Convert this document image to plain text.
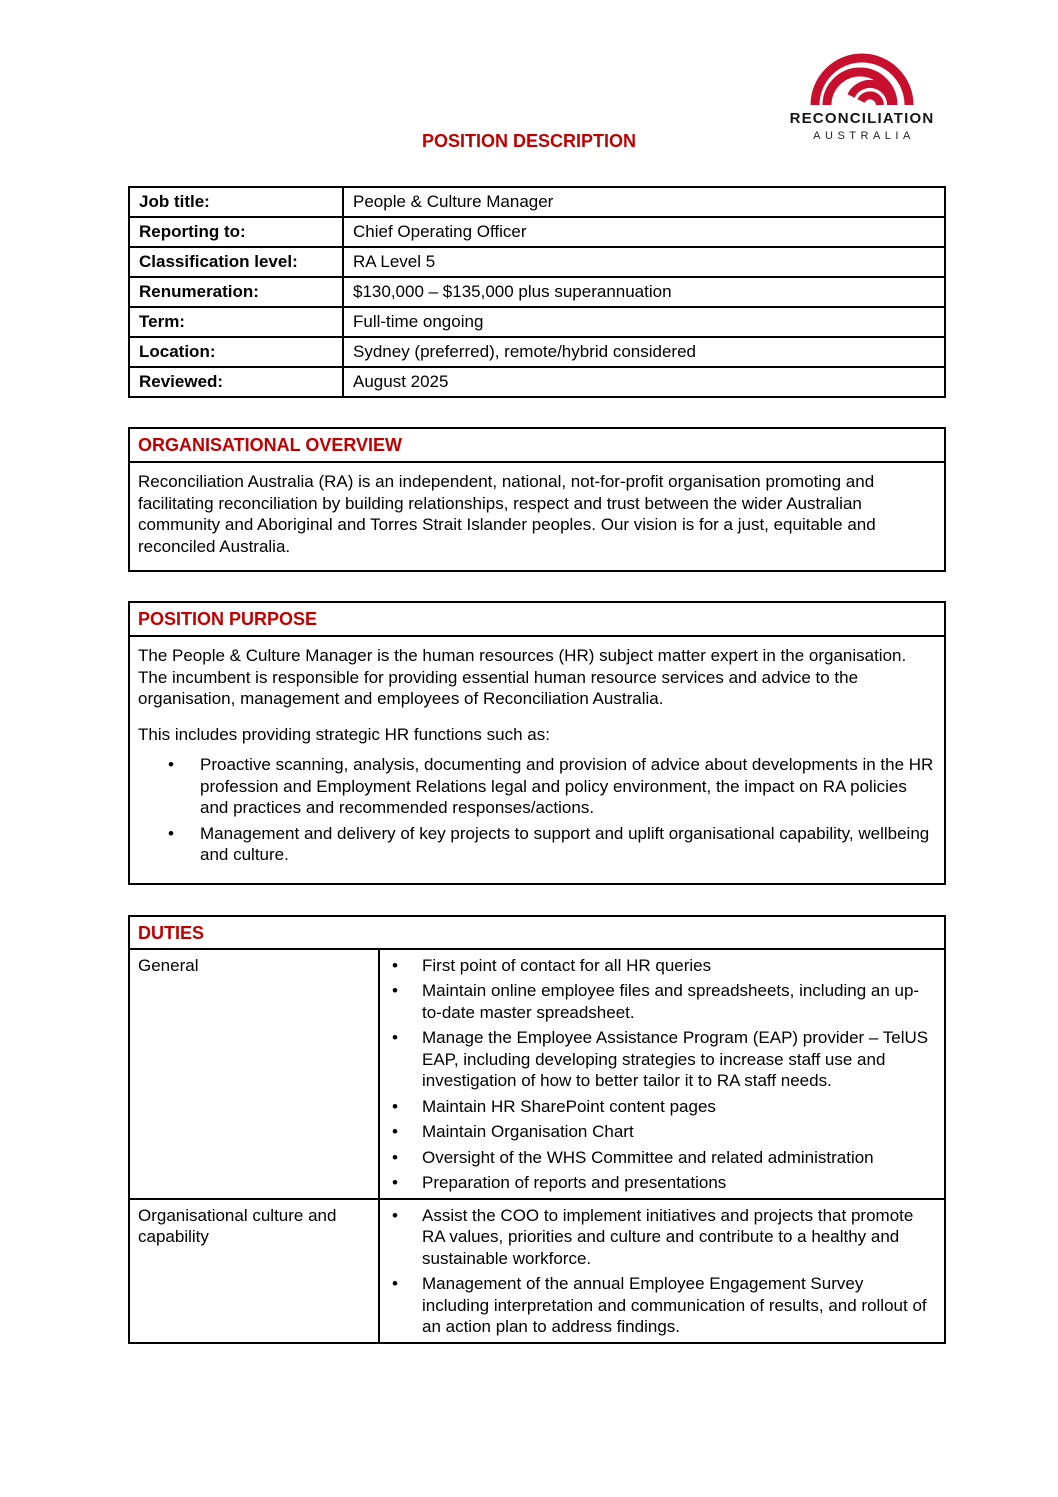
RECONCILIATION
AUSTRALIA
POSITION DESCRIPTION
Job title:	People & Culture Manager
Reporting to:	Chief Operating Officer
Classification level:	RA Level 5
Renumeration:	$130,000 – $135,000 plus superannuation
Term:	Full-time ongoing
Location:	Sydney (preferred), remote/hybrid considered
Reviewed:	August 2025
ORGANISATIONAL OVERVIEW

Reconciliation Australia (RA) is an independent, national, not-for-profit organisation promoting and facilitating reconciliation by building relationships, respect and trust between the wider Australian community and Aboriginal and Torres Strait Islander peoples. Our vision is for a just, equitable and reconciled Australia.

POSITION PURPOSE

The People & Culture Manager is the human resources (HR) subject matter expert in the organisation. The incumbent is responsible for providing essential human resource services and advice to the organisation, management and employees of Reconciliation Australia.

This includes providing strategic HR functions such as:

• Proactive scanning, analysis, documenting and provision of advice about developments in the HR profession and Employment Relations legal and policy environment, the impact on RA policies and practices and recommended responses/actions.
• Management and delivery of key projects to support and uplift organisational capability, wellbeing and culture.
DUTIES	
General	
•First point of contact for all HR queries
• Maintain online employee files and spreadsheets, including an up-to-date master spreadsheet.
• Manage the Employee Assistance Program (EAP) provider – TelUS EAP, including developing strategies to increase staff use and investigation of how to better tailor it to RA staff needs.
• Maintain HR SharePoint content pages
• Maintain Organisation Chart
• Oversight of the WHS Committee and related administration
• Preparation of reports and presentations

Organisational culture and capability	
• Assist the COO to implement initiatives and projects that promote RA values, priorities and culture and contribute to a healthy and sustainable workforce.
• Management of the annual Employee Engagement Survey including interpretation and communication of results, and rollout of an action plan to address findings.
